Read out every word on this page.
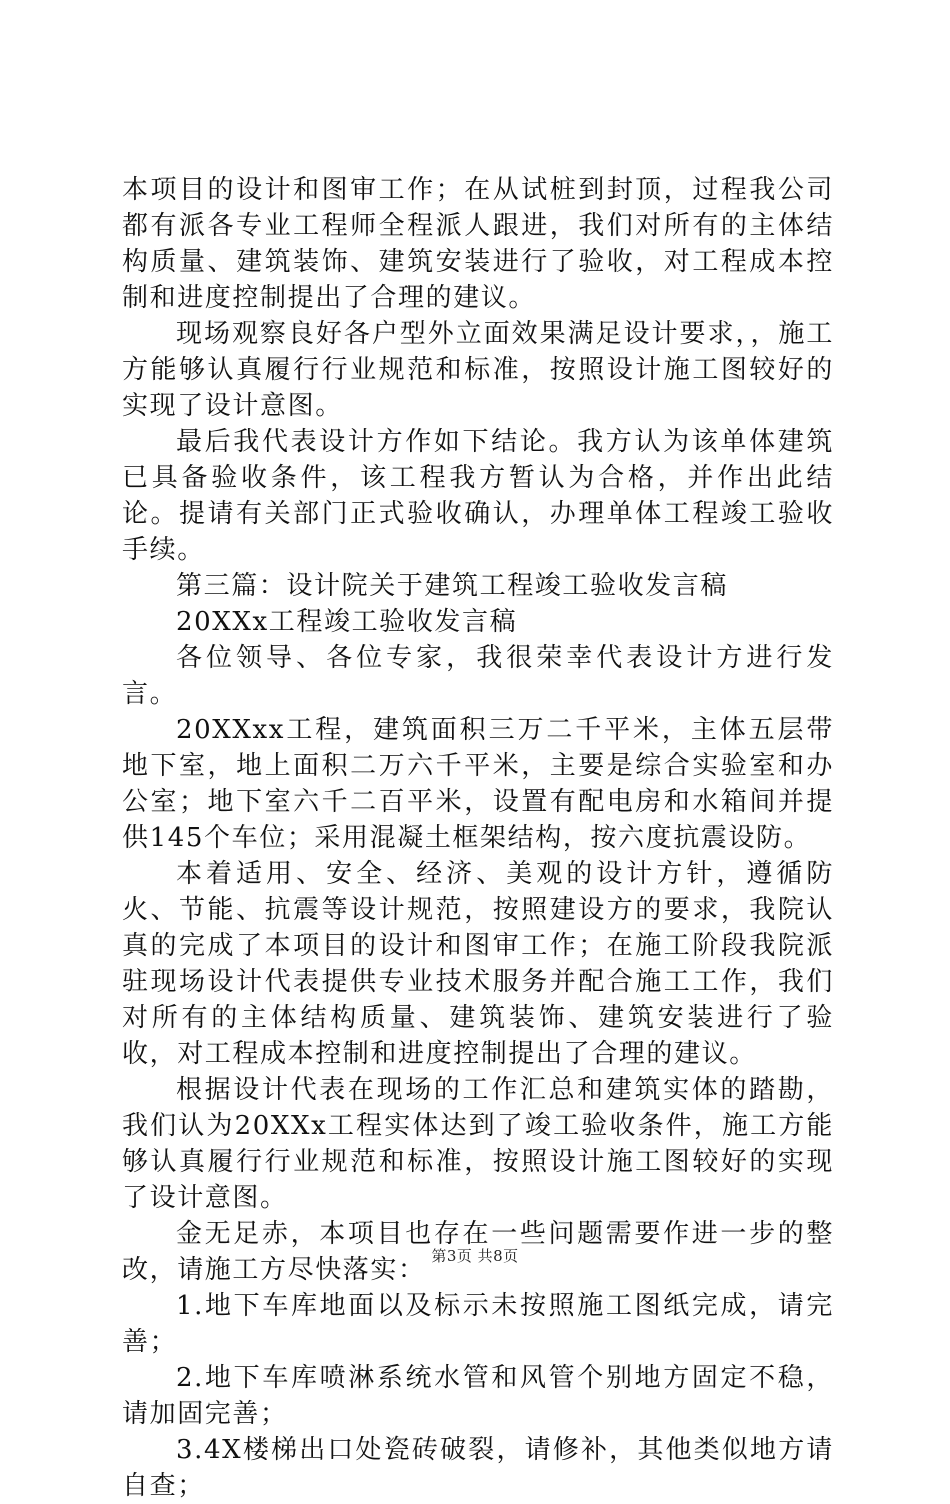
本项目的设计和图审工作；在从试桩到封顶，过程我公司都有派各专业工程师全程派人跟进，我们对所有的主体结构质量、建筑装饰、建筑安装进行了验收，对工程成本控制和进度控制提出了合理的建议。

现场观察良好各户型外立面效果满足设计要求，，施工方能够认真履行行业规范和标准，按照设计施工图较好的实现了设计意图。

最后我代表设计方作如下结论。我方认为该单体建筑已具备验收条件，该工程我方暂认为合格，并作出此结论。提请有关部门正式验收确认，办理单体工程竣工验收手续。

第三篇：设计院关于建筑工程竣工验收发言稿

20XXx工程竣工验收发言稿

各位领导、各位专家，我很荣幸代表设计方进行发言。

20XXxx工程，建筑面积三万二千平米，主体五层带地下室，地上面积二万六千平米，主要是综合实验室和办公室；地下室六千二百平米，设置有配电房和水箱间并提供145个车位；采用混凝土框架结构，按六度抗震设防。

本着适用、安全、经济、美观的设计方针，遵循防火、节能、抗震等设计规范，按照建设方的要求，我院认真的完成了本项目的设计和图审工作；在施工阶段我院派驻现场设计代表提供专业技术服务并配合施工工作，我们对所有的主体结构质量、建筑装饰、建筑安装进行了验收，对工程成本控制和进度控制提出了合理的建议。

根据设计代表在现场的工作汇总和建筑实体的踏勘，我们认为20XXx工程实体达到了竣工验收条件，施工方能够认真履行行业规范和标准，按照设计施工图较好的实现了设计意图。

金无足赤，本项目也存在一些问题需要作进一步的整改，请施工方尽快落实：

1.地下车库地面以及标示未按照施工图纸完成，请完善；

2.地下车库喷淋系统水管和风管个别地方固定不稳，请加固完善；

3.4X楼梯出口处瓷砖破裂，请修补，其他类似地方请自查；

第3页 共8页
